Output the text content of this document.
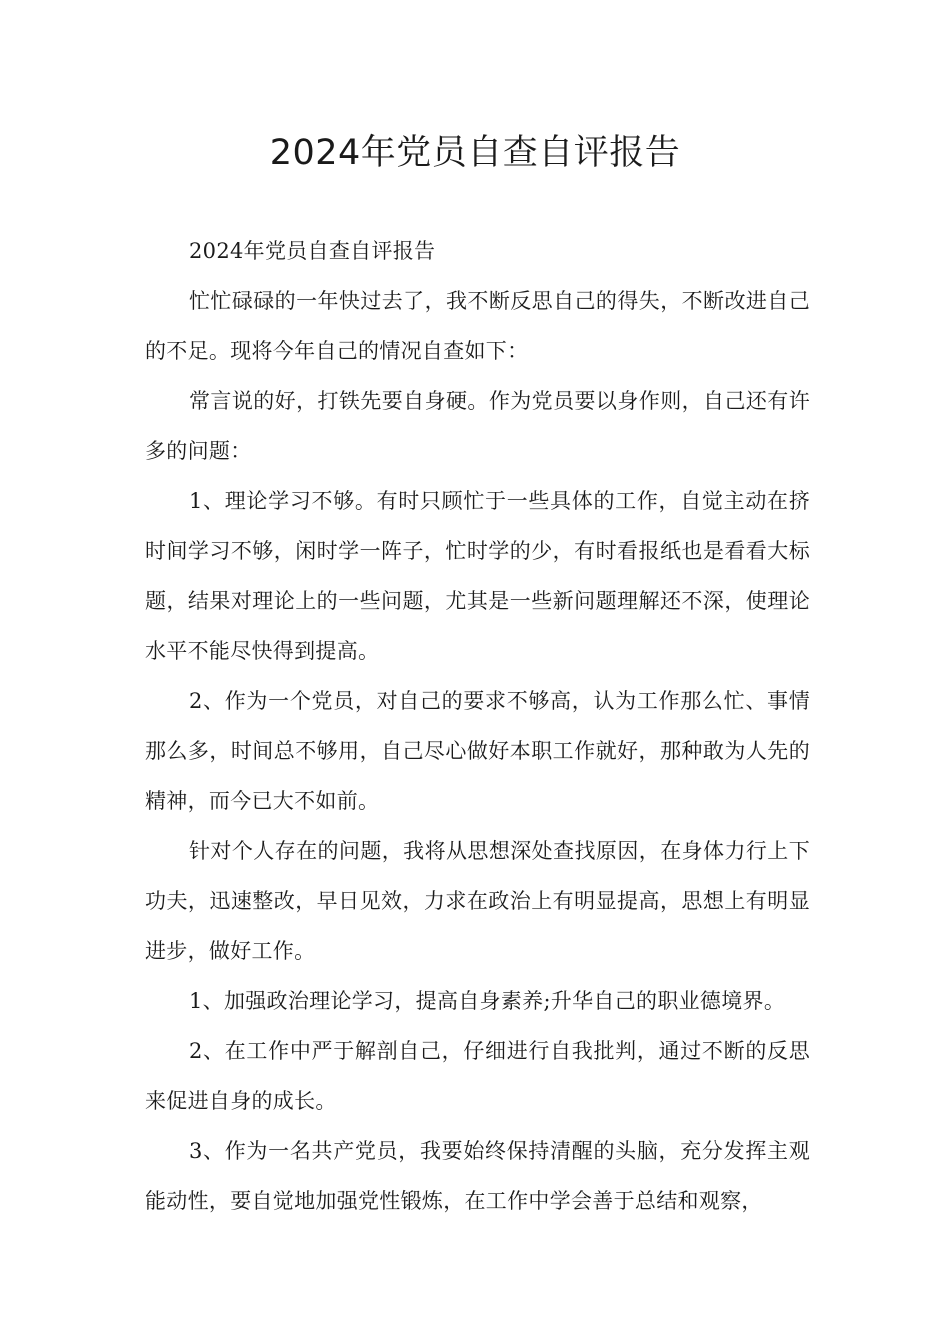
2024年党员自查自评报告

2024年党员自查自评报告

忙忙碌碌的一年快过去了，我不断反思自己的得失，不断改进自己的不足。现将今年自己的情况自查如下：

常言说的好，打铁先要自身硬。作为党员要以身作则，自己还有许多的问题：

1、理论学习不够。有时只顾忙于一些具体的工作，自觉主动在挤时间学习不够，闲时学一阵子，忙时学的少，有时看报纸也是看看大标题，结果对理论上的一些问题，尤其是一些新问题理解还不深，使理论水平不能尽快得到提高。

2、作为一个党员，对自己的要求不够高，认为工作那么忙、事情那么多，时间总不够用，自己尽心做好本职工作就好，那种敢为人先的精神，而今已大不如前。

针对个人存在的问题，我将从思想深处查找原因，在身体力行上下功夫，迅速整改，早日见效，力求在政治上有明显提高，思想上有明显进步，做好工作。

1、加强政治理论学习，提高自身素养;升华自己的职业德境界。

2、在工作中严于解剖自己，仔细进行自我批判，通过不断的反思来促进自身的成长。

3、作为一名共产党员，我要始终保持清醒的头脑，充分发挥主观能动性，要自觉地加强党性锻炼，在工作中学会善于总结和观察，
